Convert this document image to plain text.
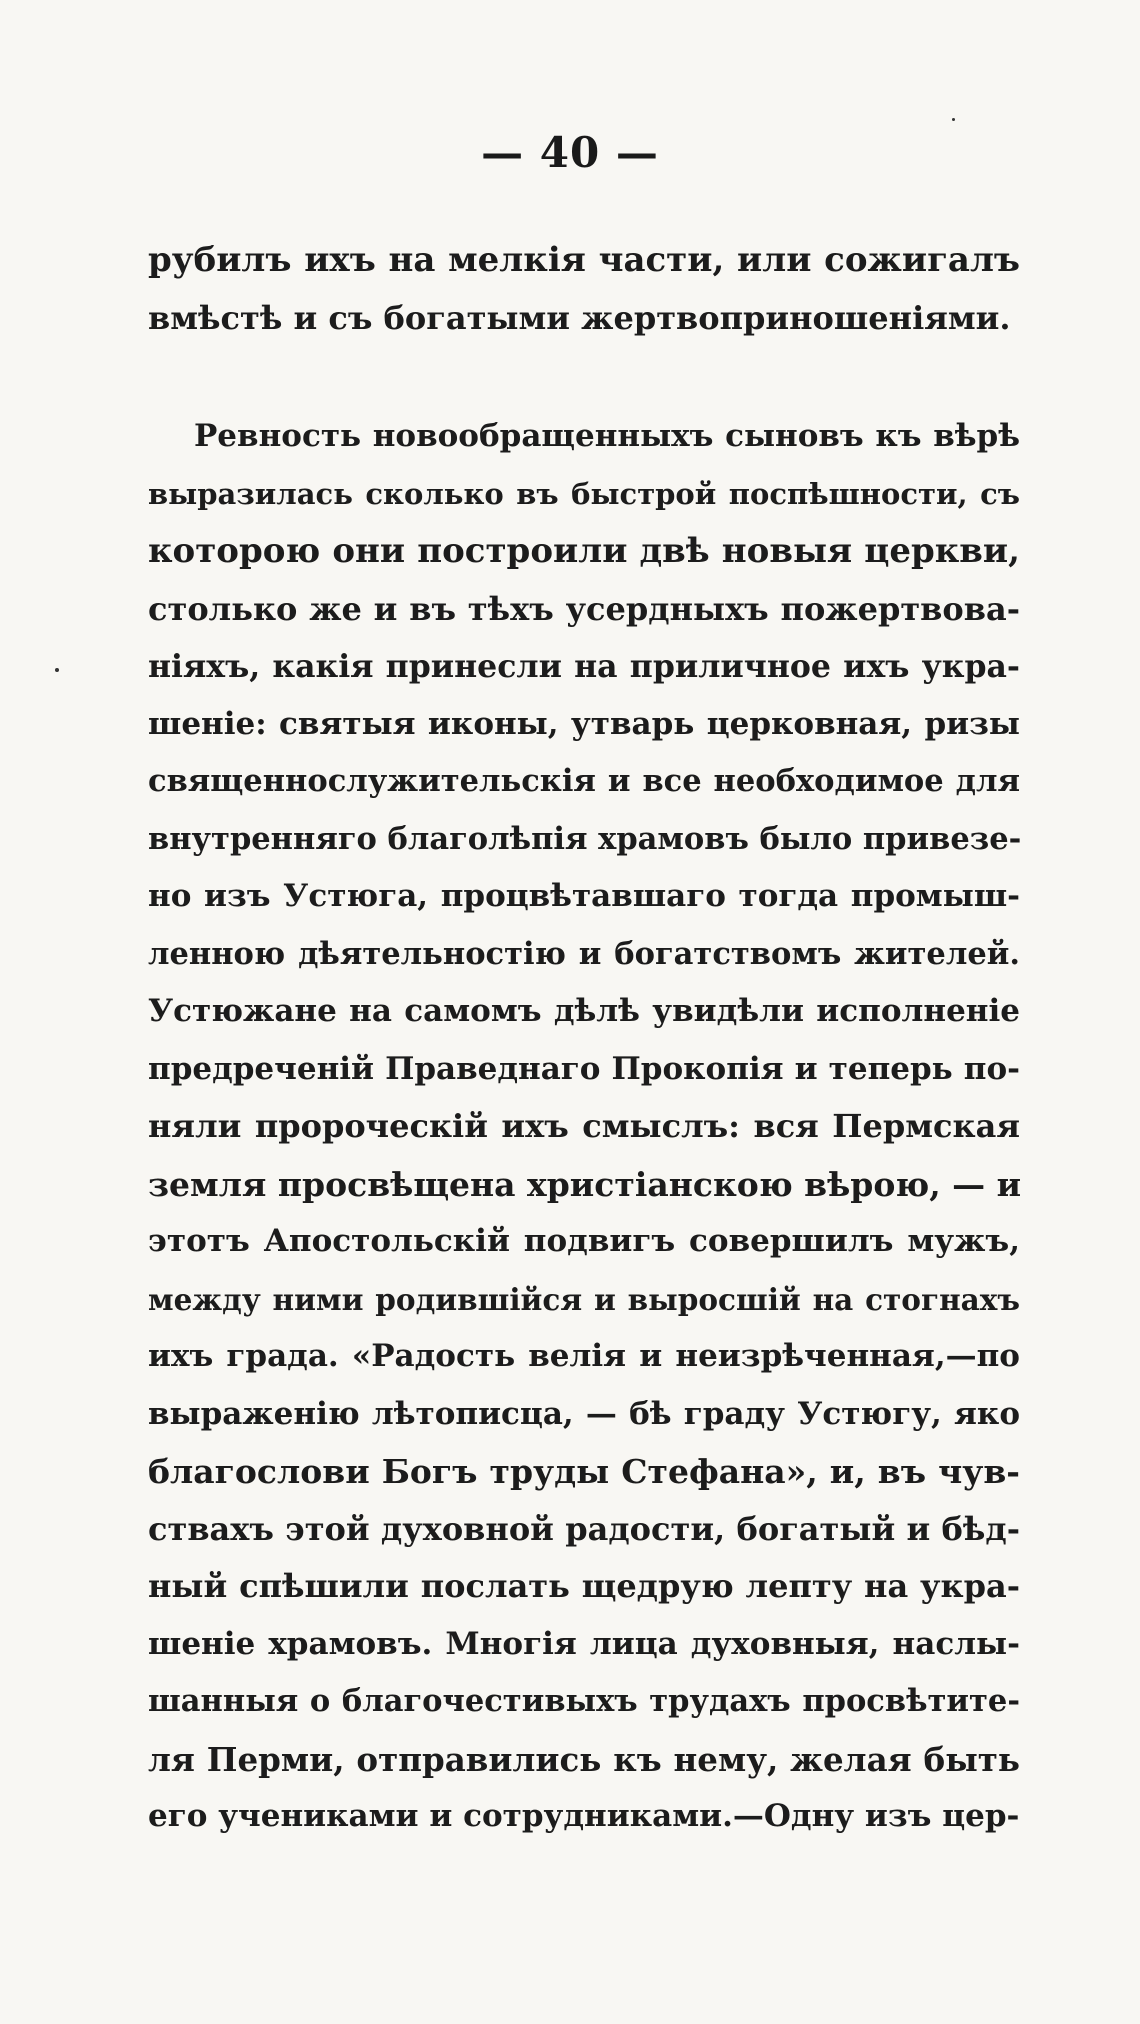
— 40 —
рубилъ ихъ на мелкія части, или сожигалъ
вмѣстѣ и съ богатыми жертвоприношеніями.
Ревность новообращенныхъ сыновъ къ вѣрѣ
выразилась сколько въ быстрой поспѣшности, съ
которою они построили двѣ новыя церкви,
столько же и въ тѣхъ усердныхъ пожертвова-
ніяхъ, какія принесли на приличное ихъ укра-
шеніе: святыя иконы, утварь церковная, ризы
священнослужительскія и все необходимое для
внутренняго благолѣпія храмовъ было привезе-
но изъ Устюга, процвѣтавшаго тогда промыш-
ленною дѣятельностію и богатствомъ жителей.
Устюжане на самомъ дѣлѣ увидѣли исполненіе
предреченій Праведнаго Прокопія и теперь по-
няли пророческій ихъ смыслъ: вся Пермская
земля просвѣщена христіанскою вѣрою, — и
этотъ Апостольскій подвигъ совершилъ мужъ,
между ними родившійся и выросшій на стогнахъ
ихъ града. «Радость велія и неизрѣченная,—по
выраженію лѣтописца, — бѣ граду Устюгу, яко
благослови Богъ труды Стефана», и, въ чув-
ствахъ этой духовной радости, богатый и бѣд-
ный спѣшили послать щедрую лепту на укра-
шеніе храмовъ. Многія лица духовныя, наслы-
шанныя о благочестивыхъ трудахъ просвѣтите-
ля Перми, отправились къ нему, желая быть
его учениками и сотрудниками.—Одну изъ цер-
